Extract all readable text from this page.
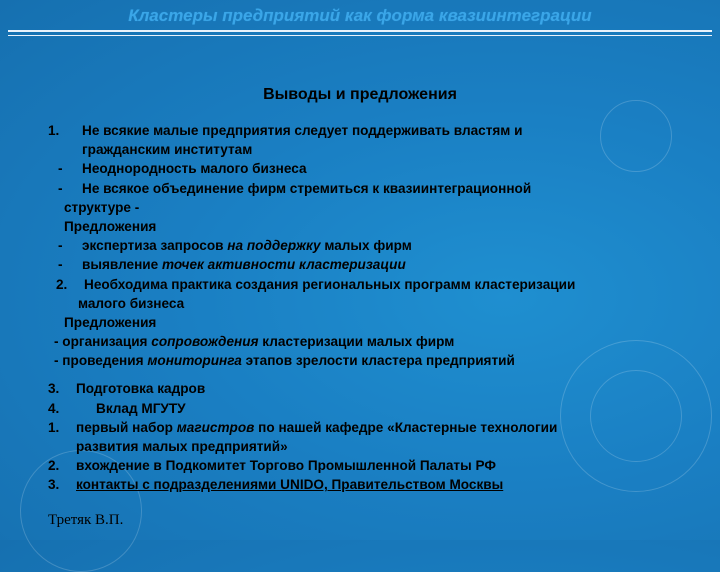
Кластеры предприятий как форма квазиинтеграции
Выводы и предложения
1. Не всякие малые предприятия следует поддерживать властям и
гражданским институтам
- Неоднородность малого бизнеса
- Не всякое объединение фирм стремиться к квазиинтеграционной
структуре -
Предложения
- экспертиза запросов на поддержку малых фирм
- выявление точек активности кластеризации
2. Необходима практика создания региональных программ кластеризации
малого бизнеса
Предложения
- организация сопровождения кластеризации малых фирм
- проведения мониторинга этапов зрелости кластера предприятий
3. Подготовка кадров
4.	Вклад МГУТУ
1. первый набор магистров по нашей кафедре «Кластерные технологии
развития малых предприятий»
2. вхождение в Подкомитет Торгово Промышленной Палаты РФ
3. контакты с подразделениями UNIDO, Правительством Москвы
Третяк В.П.
